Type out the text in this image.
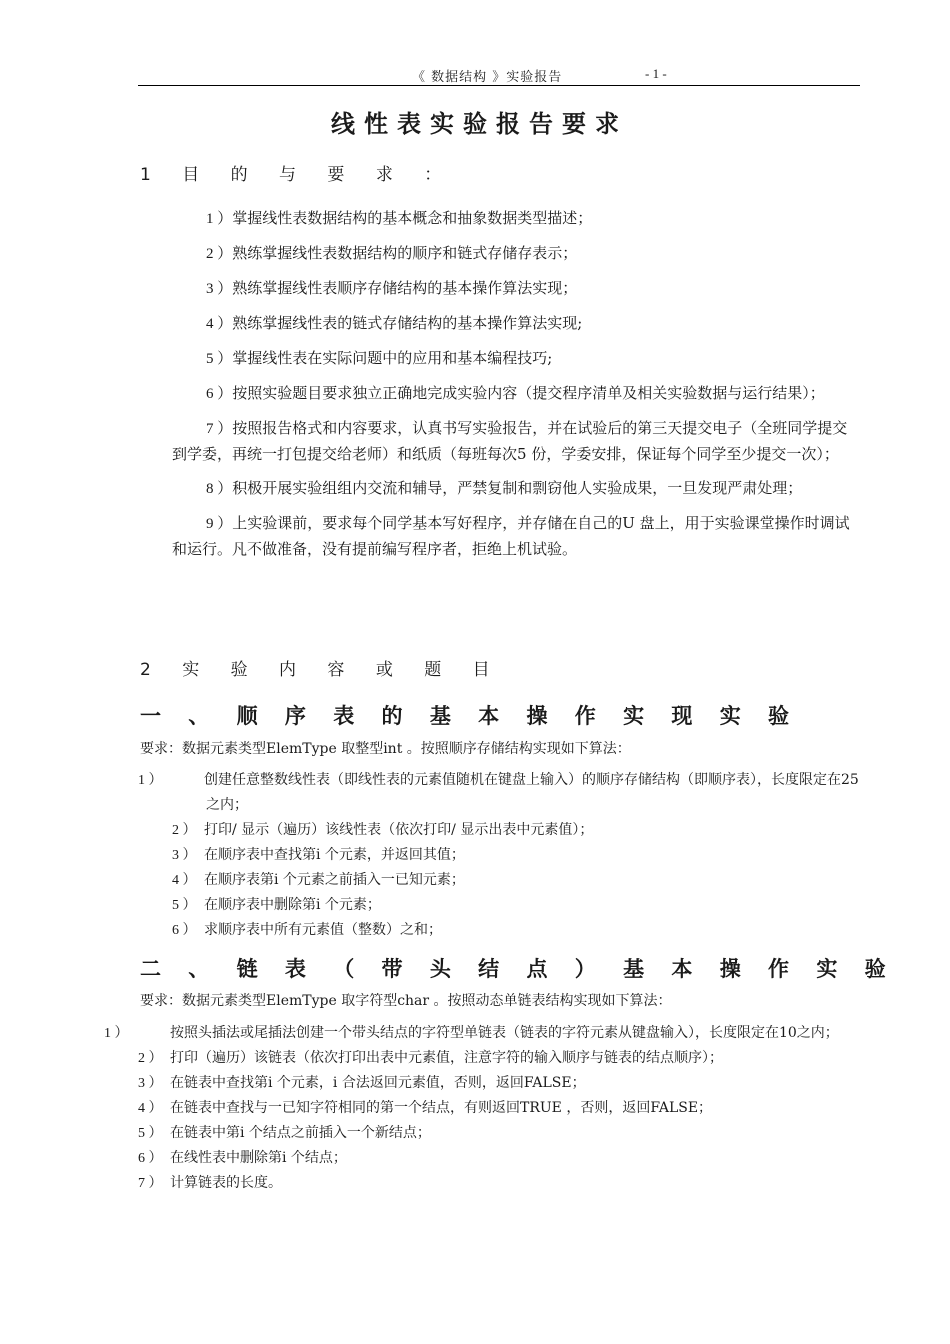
《 数据结构 》实验报告	- 1 -
线性表实验报告要求
1 目 的 与 要 求 ：
1 ）掌握线性表数据结构的基本概念和抽象数据类型描述；
2 ）熟练掌握线性表数据结构的顺序和链式存储存表示；
3 ）熟练掌握线性表顺序存储结构的基本操作算法实现；
4 ）熟练掌握线性表的链式存储结构的基本操作算法实现;
5 ）掌握线性表在实际问题中的应用和基本编程技巧;
6 ）按照实验题目要求独立正确地完成实验内容（提交程序清单及相关实验数据与运行结果）；
7 ）按照报告格式和内容要求，认真书写实验报告，并在试验后的第三天提交电子（全班同学提交到学委，再统一打包提交给老师）和纸质（每班每次5 份，学委安排，保证每个同学至少提交一次）；
8 ）积极开展实验组组内交流和辅导，严禁复制和剽窃他人实验成果，一旦发现严肃处理；
9 ）上实验课前，要求每个同学基本写好程序，并存储在自己的U 盘上，用于实验课堂操作时调试和运行。凡不做准备，没有提前编写程序者，拒绝上机试验。
2 实 验 内 容 或 题 目
一 、 顺 序 表 的 基 本 操 作 实 现 实 验
要求：数据元素类型ElemType 取整型int 。按照顺序存储结构实现如下算法：
1 ）	创建任意整数线性表（即线性表的元素值随机在键盘上输入）的顺序存储结构（即顺序表），长度限定在25之内；
2 ） 打印/ 显示（遍历）该线性表（依次打印/ 显示出表中元素值）；
3 ） 在顺序表中查找第i 个元素，并返回其值；
4 ） 在顺序表第i 个元素之前插入一已知元素；
5 ） 在顺序表中删除第i 个元素；
6 ） 求顺序表中所有元素值（整数）之和；
二 、 链 表 （ 带 头 结 点 ） 基 本 操 作 实 验
要求：数据元素类型ElemType 取字符型char 。按照动态单链表结构实现如下算法：
1 ）	按照头插法或尾插法创建一个带头结点的字符型单链表（链表的字符元素从键盘输入），长度限定在10之内；
2 ） 打印（遍历）该链表（依次打印出表中元素值，注意字符的输入顺序与链表的结点顺序）；
3 ） 在链表中查找第i 个元素，i 合法返回元素值，否则，返回FALSE；
4 ） 在链表中查找与一已知字符相同的第一个结点，有则返回TRUE ，否则，返回FALSE；
5 ） 在链表中第i 个结点之前插入一个新结点；
6 ） 在线性表中删除第i 个结点；
7 ） 计算链表的长度。
